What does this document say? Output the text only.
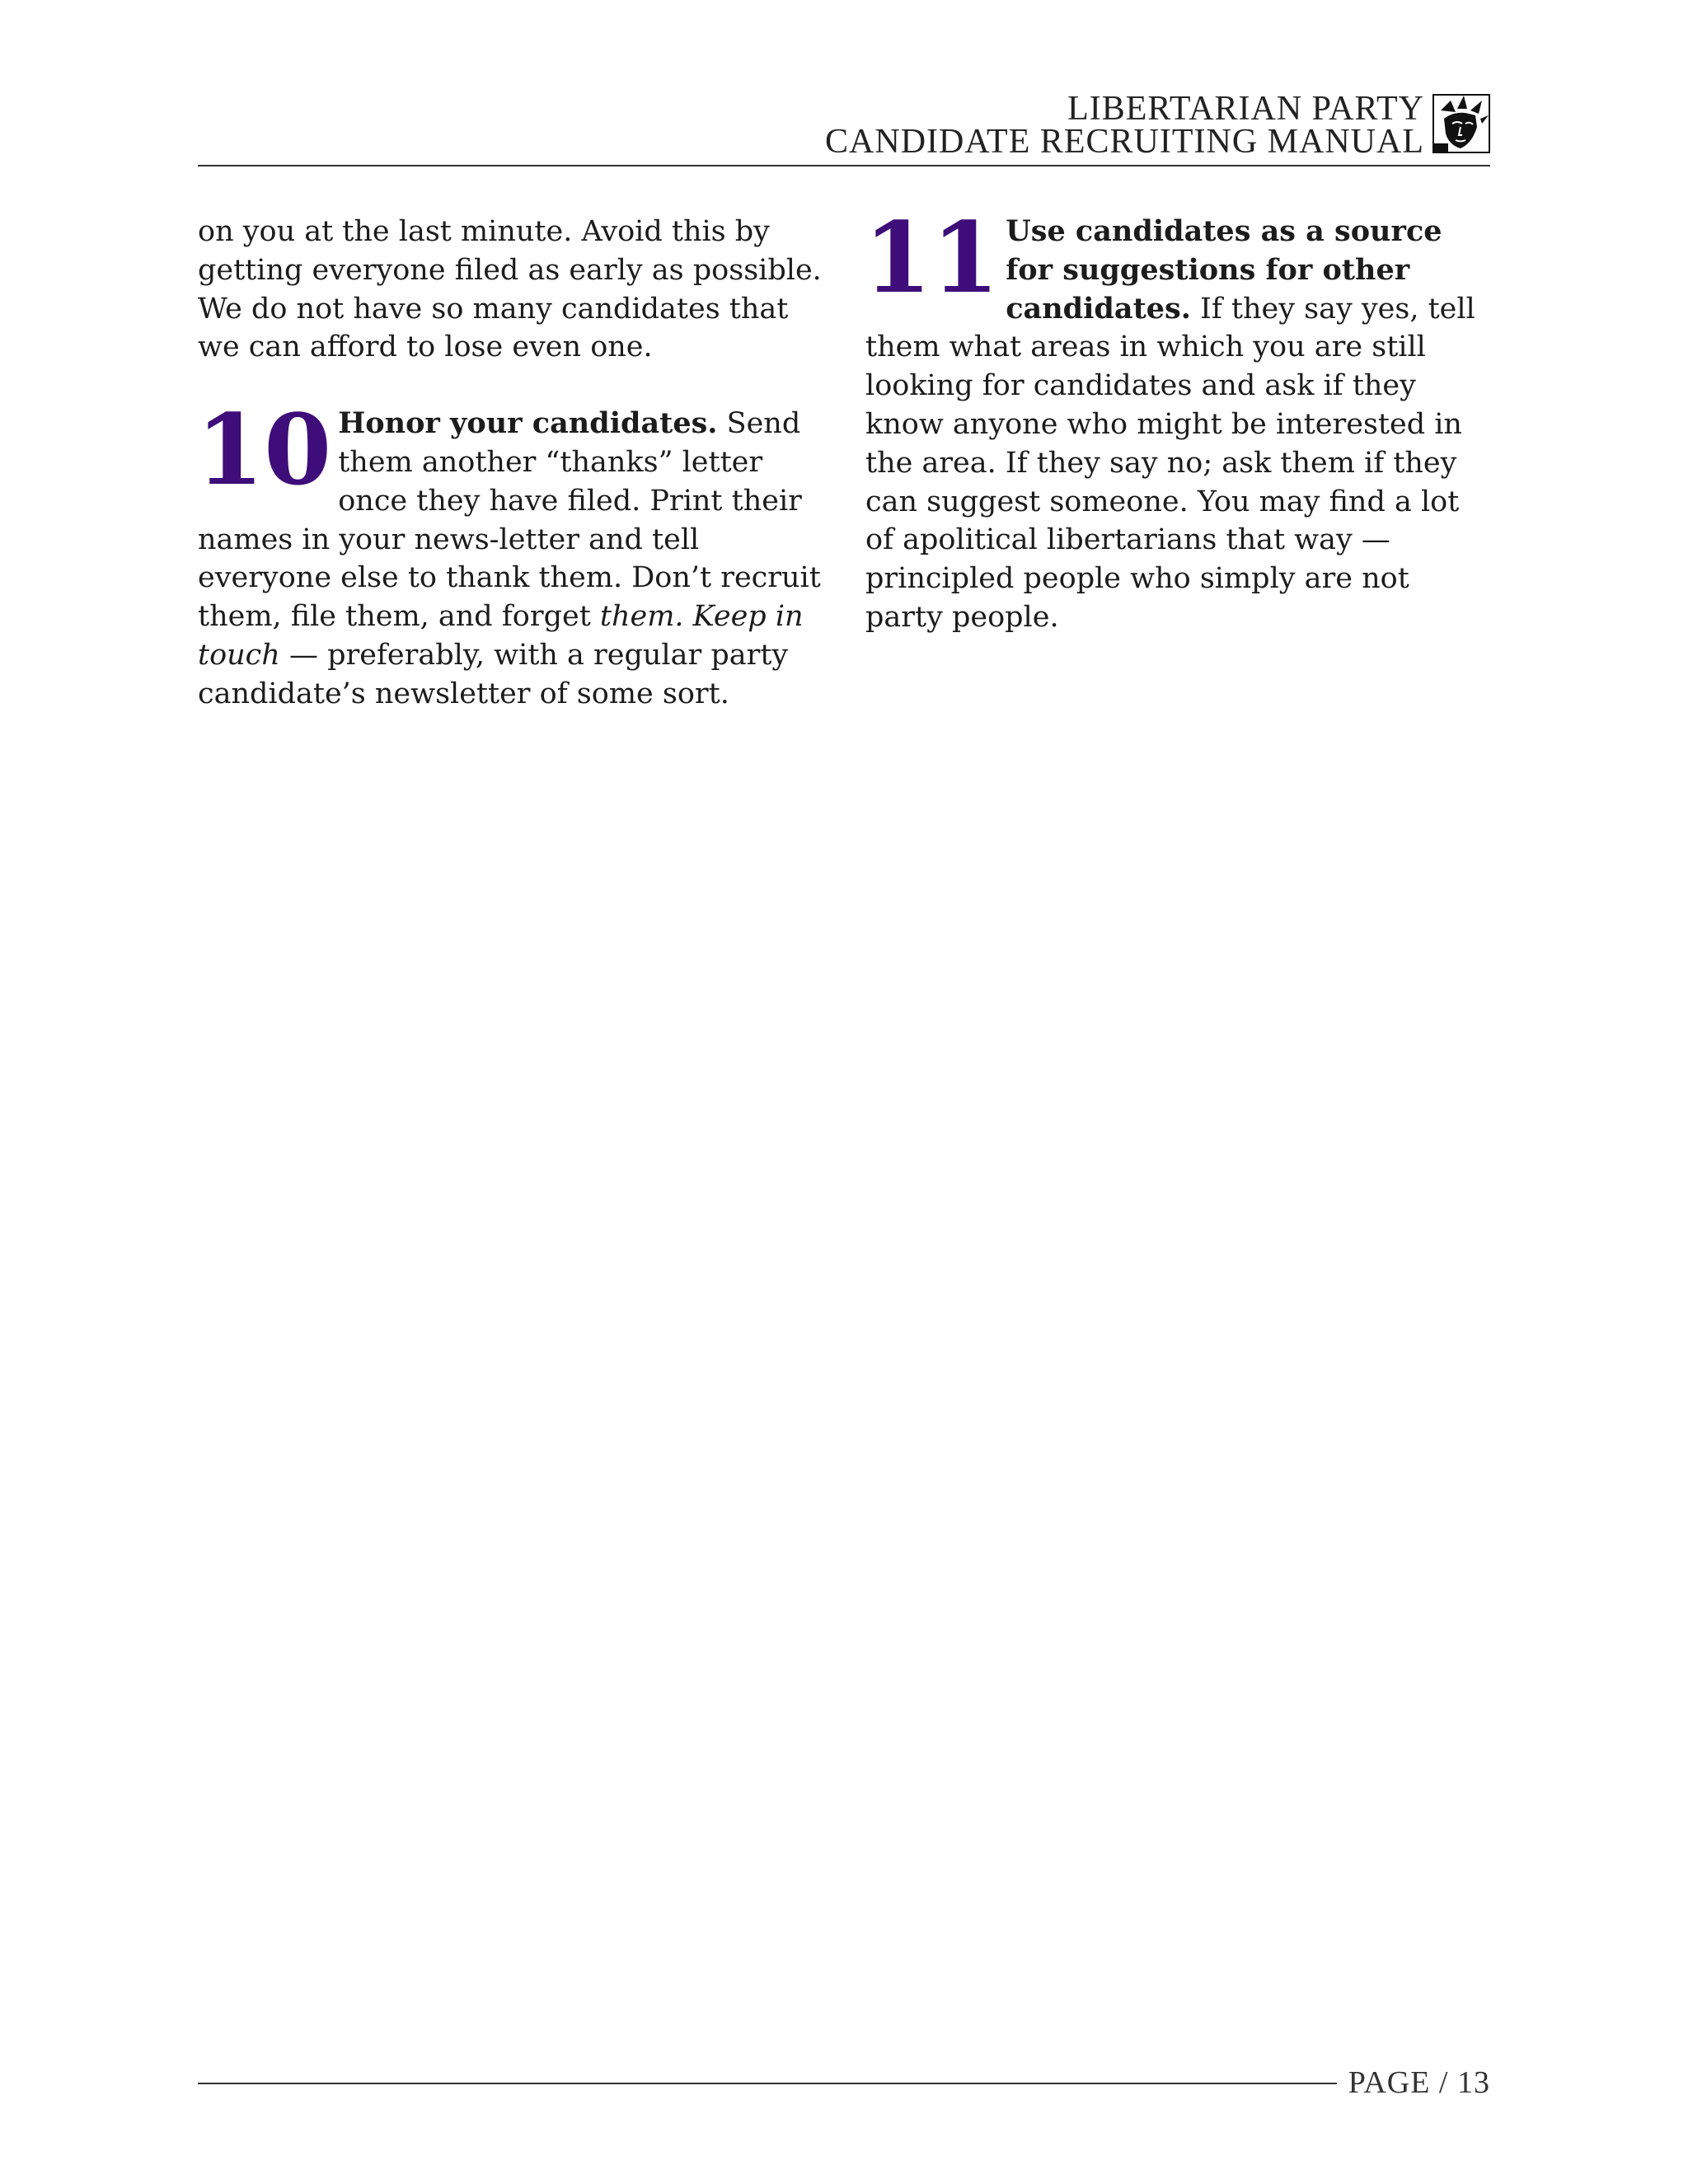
LIBERTARIAN PARTY
CANDIDATE RECRUITING MANUAL

on you at the last minute. Avoid this by getting everyone filed as early as possible. We do not have so many candidates that we can afford to lose even one.

10 Honor your candidates. Send them another “thanks” letter once they have filed. Print their names in your news-letter and tell everyone else to thank them. Don’t recruit them, file them, and forget them. Keep in touch — preferably, with a regular party candidate’s newsletter of some sort.

11 Use candidates as a source for suggestions for other candidates. If they say yes, tell them what areas in which you are still looking for candidates and ask if they know anyone who might be interested in the area. If they say no; ask them if they can suggest someone. You may find a lot of apolitical libertarians that way — principled people who simply are not party people.

PAGE / 13
